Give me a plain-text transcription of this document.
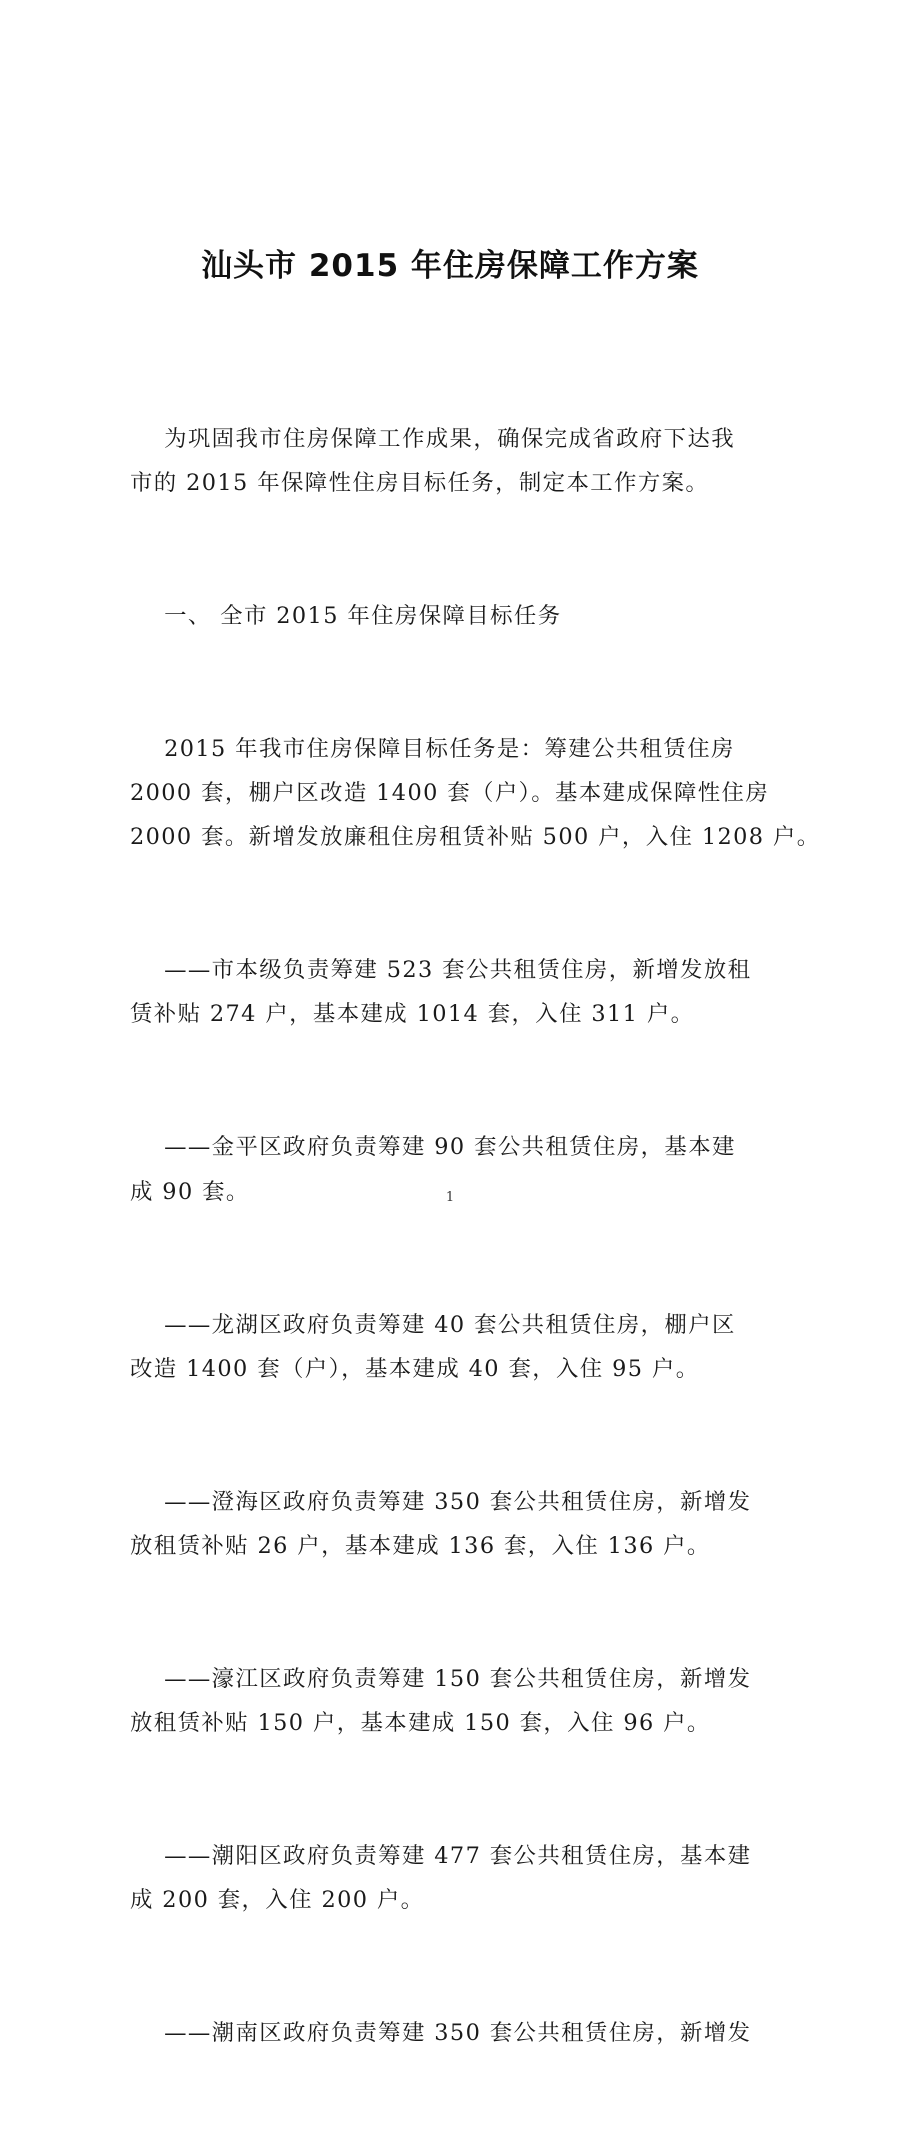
汕头市 2015 年住房保障工作方案

为巩固我市住房保障工作成果，确保完成省政府下达我
市的 2015 年保障性住房目标任务，制定本工作方案。

一、 全市 2015 年住房保障目标任务

2015 年我市住房保障目标任务是：筹建公共租赁住房
2000 套，棚户区改造 1400 套（户）。基本建成保障性住房
2000 套。新增发放廉租住房租赁补贴 500 户，入住 1208 户。

——市本级负责筹建 523 套公共租赁住房，新增发放租
赁补贴 274 户，基本建成 1014 套，入住 311 户。

——金平区政府负责筹建 90 套公共租赁住房，基本建
成 90 套。

——龙湖区政府负责筹建 40 套公共租赁住房，棚户区
改造 1400 套（户），基本建成 40 套，入住 95 户。

——澄海区政府负责筹建 350 套公共租赁住房，新增发
放租赁补贴 26 户，基本建成 136 套，入住 136 户。

——濠江区政府负责筹建 150 套公共租赁住房，新增发
放租赁补贴 150 户，基本建成 150 套，入住 96 户。

——潮阳区政府负责筹建 477 套公共租赁住房，基本建
成 200 套，入住 200 户。

——潮南区政府负责筹建 350 套公共租赁住房，新增发

1
